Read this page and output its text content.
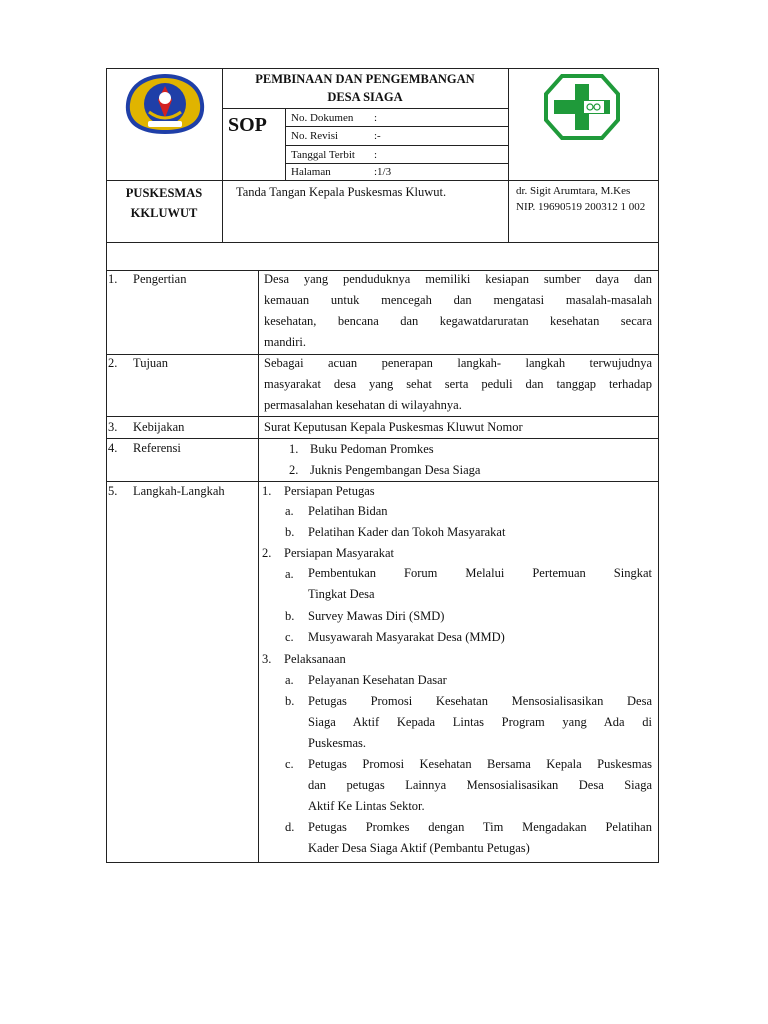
PEMBINAAN DAN PENGEMBANGAN
DESA SIAGA
SOP No. Dokumen :
No. Revisi	:-
Tanggal Terbit :
Halaman	:1/3
PUSKESMAS
KKLUWUT
Tanda Tangan Kepala Puskesmas Kluwut.	dr. Sigit Arumtara, M.Kes
NIP. 19690519 200312 1 002
1. Pengertian	Desa yang penduduknya memiliki kesiapan sumber daya dan
kemauan untuk mencegah dan mengatasi masalah-masalah
kesehatan, bencana dan kegawatdaruratan kesehatan secara
mandiri.
2. Tujuan	Sebagai acuan penerapan langkah- langkah terwujudnya
masyarakat desa yang sehat serta peduli dan tanggap terhadap
permasalahan kesehatan di wilayahnya.
3. Kebijakan	Surat Keputusan Kepala Puskesmas Kluwut Nomor
4. Referensi	1. Buku Pedoman Promkes
2. Juknis Pengembangan Desa Siaga
5. Langkah-Langkah	1. Persiapan Petugas
a. Pelatihan Bidan
b. Pelatihan Kader dan Tokoh Masyarakat
2. Persiapan Masyarakat
a. Pembentukan Forum Melalui Pertemuan Singkat
Tingkat Desa
b. Survey Mawas Diri (SMD)
c. Musyawarah Masyarakat Desa (MMD)
3. Pelaksanaan
a. Pelayanan Kesehatan Dasar
b. Petugas Promosi Kesehatan Mensosialisasikan Desa
Siaga Aktif Kepada Lintas Program yang Ada di
Puskesmas.
c. Petugas Promosi Kesehatan Bersama Kepala Puskesmas
dan petugas Lainnya Mensosialisasikan Desa Siaga
Aktif Ke Lintas Sektor.
d. Petugas Promkes dengan Tim Mengadakan Pelatihan
Kader Desa Siaga Aktif (Pembantu Petugas)
